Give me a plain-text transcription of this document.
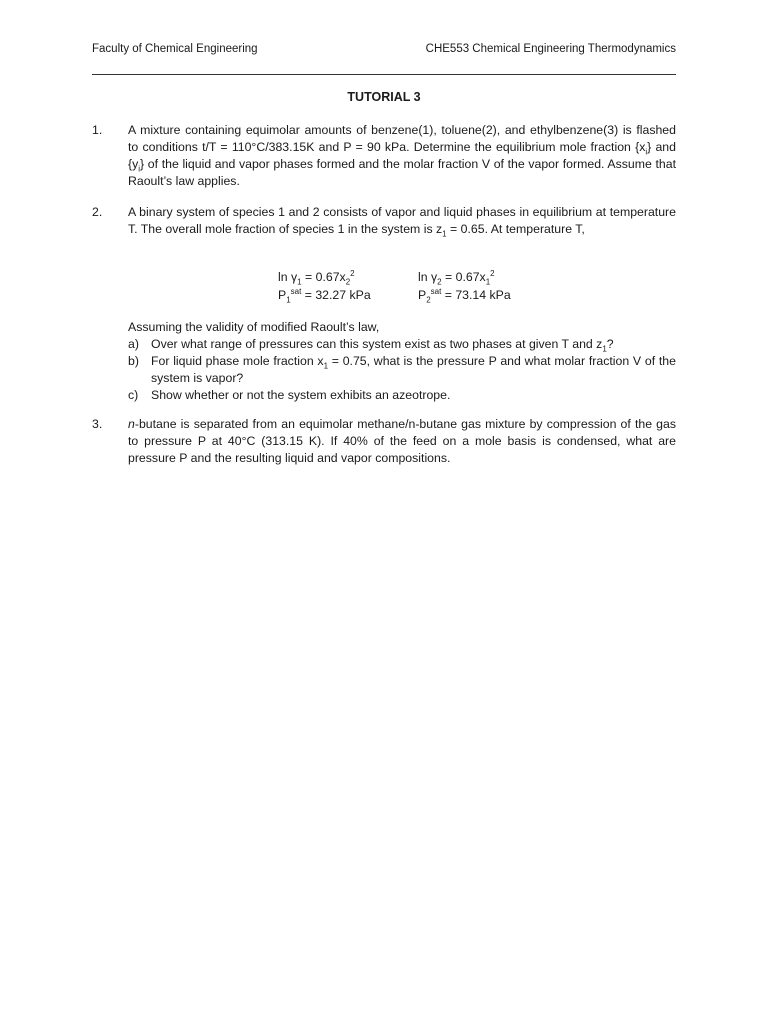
Faculty of Chemical Engineering	CHE553 Chemical Engineering Thermodynamics
TUTORIAL 3
1.	A mixture containing equimolar amounts of benzene(1), toluene(2), and ethylbenzene(3) is flashed to conditions t/T = 110°C/383.15K and P = 90 kPa. Determine the equilibrium mole fraction $\{x_i\}$ and $\{y_i\}$ of the liquid and vapor phases formed and the molar fraction V of the vapor formed. Assume that Raoult’s law applies.
2.	A binary system of species 1 and 2 consists of vapor and liquid phases in equilibrium at temperature T. The overall mole fraction of species 1 in the system is $z_1 = 0.65$. At temperature T,
$\ln \gamma_1 = 0.67x_2^2$	$\ln \gamma_2 = 0.67x_1^2$
$P_1^{sat} = 32.27$ kPa	$P_2^{sat} = 73.14$ kPa
Assuming the validity of modified Raoult’s law,
a) Over what range of pressures can this system exist as two phases at given T and $z_1$?
b) For liquid phase mole fraction $x_1 = 0.75$, what is the pressure P and what molar fraction V of the system is vapor?
c)	Show whether or not the system exhibits an azeotrope.
3.	n-butane is separated from an equimolar methane/n-butane gas mixture by compression of the gas to pressure P at 40°C (313.15 K). If 40% of the feed on a mole basis is condensed, what are pressure P and the resulting liquid and vapor compositions.
